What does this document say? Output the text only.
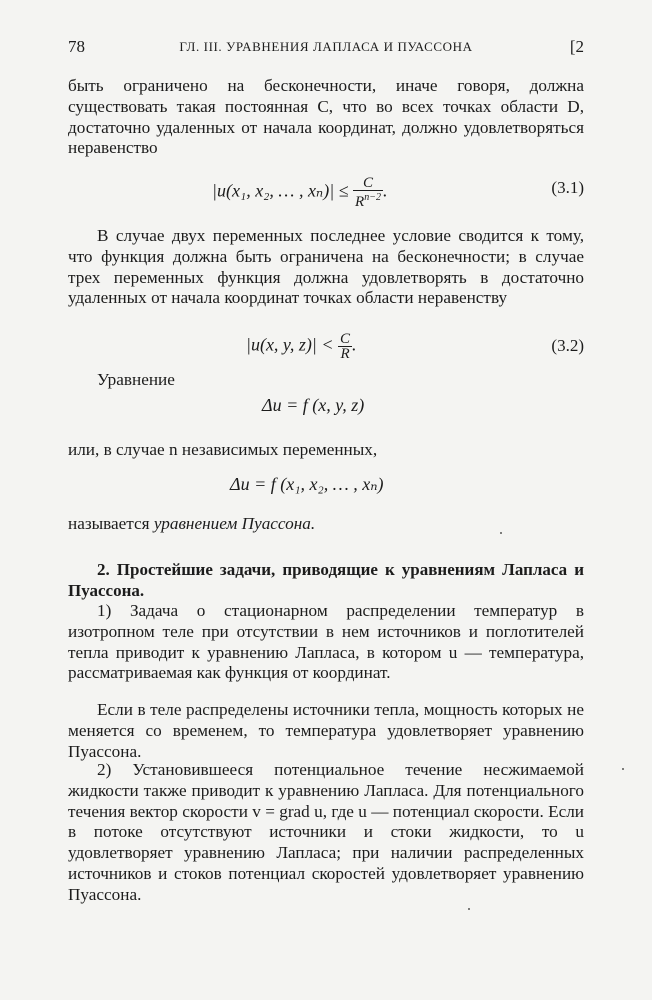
78	ГЛ. III. УРАВНЕНИЯ ЛАПЛАСА И ПУАССОНА	[2
быть ограничено на бесконечности, иначе говоря, должна существовать такая постоянная C, что во всех точках области D, достаточно удаленных от начала координат, должно удовлетворяться неравенство
|u(x₁, x₂, … , $x_n)| \le \frac{C}{R^{n-2}}$ .	(3.1)
В случае двух переменных последнее условие сводится к тому, что функция должна быть ограничена на бесконечности; в случае трех переменных функция должна удовлетворять в достаточно удаленных от начала координат точках области неравенству
|u(x, y, $z)| < \frac{C}{R}$ .	(3.2)
Уравнение
Δu = f (x, y, z)
или, в случае n независимых переменных,
Δu = f (x₁, x₂, … , xₙ)
называется уравнением Пуассона.
2. Простейшие задачи, приводящие к уравнениям Лапласа и Пуассона.
1) Задача о стационарном распределении температур в изотропном теле при отсутствии в нем источников и поглотителей тепла приводит к уравнению Лапласа, в котором u — температура, рассматриваемая как функция от координат.
Если в теле распределены источники тепла, мощность которых не меняется со временем, то температура удовлетворяет уравнению Пуассона.
2) Установившееся потенциальное течение несжимаемой жидкости также приводит к уравнению Лапласа. Для потенциального течения вектор скорости v = grad u, где u — потенциал скорости. Если в потоке отсутствуют источники и стоки жидкости, то u удовлетворяет уравнению Лапласа; при наличии распределенных источников и стоков потенциал скоростей удовлетворяет уравнению Пуассона.
